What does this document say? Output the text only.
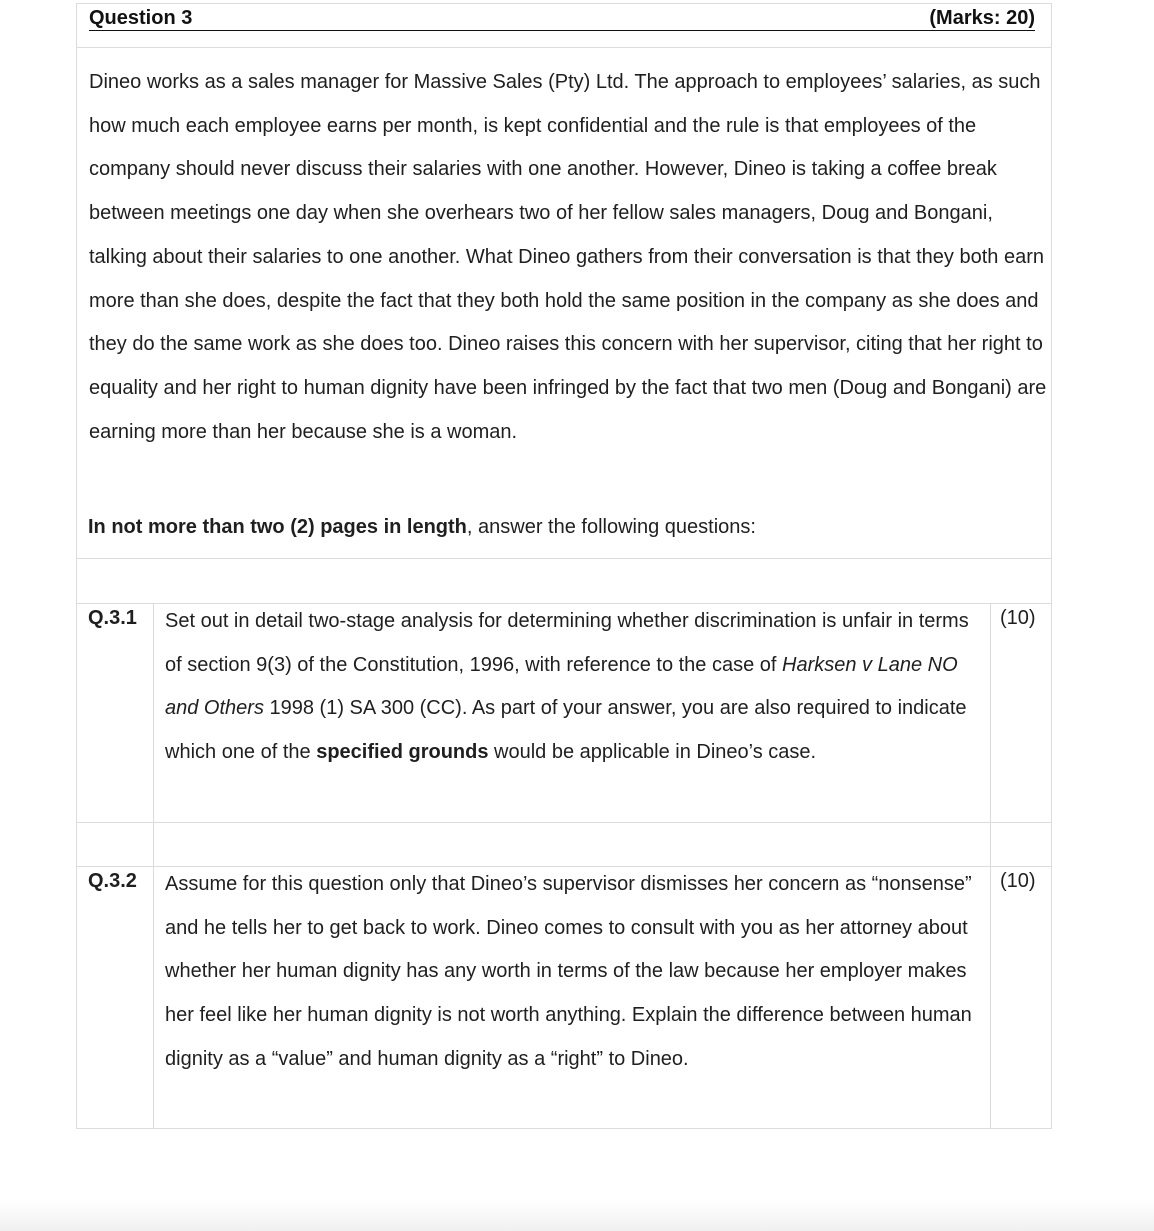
Question 3	(Marks: 20)
Dineo works as a sales manager for Massive Sales (Pty) Ltd. The approach to employees’ salaries, as such how much each employee earns per month, is kept confidential and the rule is that employees of the company should never discuss their salaries with one another. However, Dineo is taking a coffee break between meetings one day when she overhears two of her fellow sales managers, Doug and Bongani, talking about their salaries to one another. What Dineo gathers from their conversation is that they both earn more than she does, despite the fact that they both hold the same position in the company as she does and they do the same work as she does too. Dineo raises this concern with her supervisor, citing that her right to equality and her right to human dignity have been infringed by the fact that two men (Doug and Bongani) are earning more than her because she is a woman.
In not more than two (2) pages in length, answer the following questions:
Q.3.1 Set out in detail two-stage analysis for determining whether discrimination is unfair in terms of section 9(3) of the Constitution, 1996, with reference to the case of Harksen v Lane NO and Others 1998 (1) SA 300 (CC). As part of your answer, you are also required to indicate which one of the specified grounds would be applicable in Dineo’s case.
(10)
Q.3.2 Assume for this question only that Dineo’s supervisor dismisses her concern as “nonsense” and he tells her to get back to work. Dineo comes to consult with you as her attorney about whether her human dignity has any worth in terms of the law because her employer makes her feel like her human dignity is not worth anything. Explain the difference between human dignity as a “value” and human dignity as a “right” to Dineo.
(10)
